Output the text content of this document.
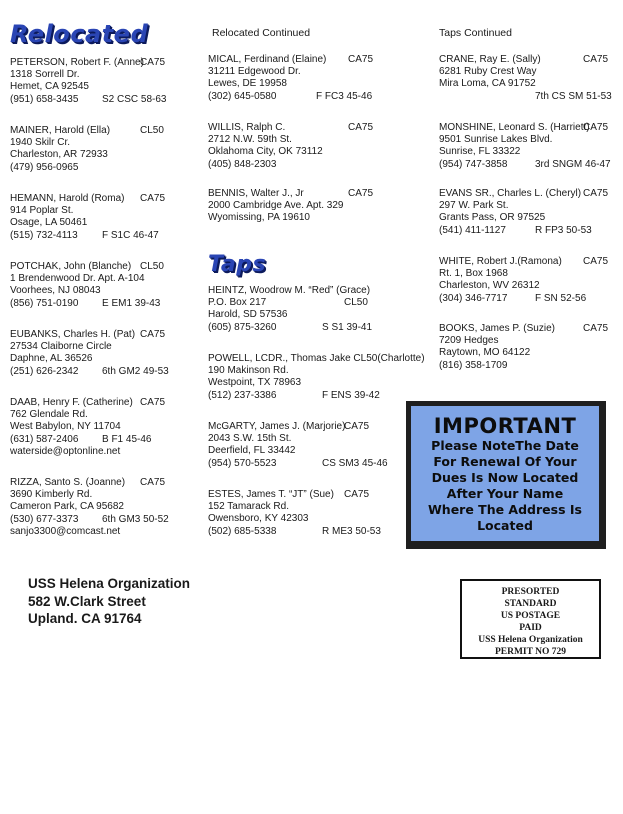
Relocated
PETERSON, Robert F. (Anne)
CA75
1318 Sorrell Dr.
Hemet, CA 92545
(951) 658-3435 S2 CSC 58-63
MAINER, Harold (Ella)	CL50
1940 Skilr Cr.
Charleston, AR 72933
(479) 956-0965
HEMANN, Harold (Roma) CA75
914 Poplar St.
Osage, LA 50461
(515) 732-4113 F S1C 46-47
POTCHAK, John (Blanche) CL50
1 Brendenwood Dr. Apt. A-104
Voorhees, NJ 08043
(856) 751-0190 E EM1 39-43
EUBANKS, Charles H. (Pat) CA75
27534 Claiborne Circle
Daphne, AL 36526
(251) 626-2342 6th GM2 49-53
DAAB, Henry F. (Catherine) CA75
762 Glendale Rd.
West Babylon, NY 11704
(631) 587-2406 B F1 45-46
waterside@optonline.net
RIZZA, Santo S. (Joanne) CA75
3690 Kimberly Rd.
Cameron Park, CA 95682
(530) 677-3373 6th GM3 50-52
sanjo3300@comcast.net
Relocated Continued
Taps
MICAL, Ferdinand (Elaine) CA75
31211 Edgewood Dr.
Lewes, DE 19958
(302) 645-0580	F FC3 45-46
WILLIS, Ralph C.	CA75
2712 N.W. 59th St.
Oklahoma City, OK 73112
(405) 848-2303
BENNIS, Walter J., Jr	CA75
2000 Cambridge Ave. Apt. 329
Wyomissing, PA 19610
HEINTZ, Woodrow M. “Red” (Grace)
P.O. Box 217	CL50
Harold, SD 57536
(605) 875-3260	S S1 39-41
POWELL, LCDR., Thomas Jake CL50(Charlotte)
190 Makinson Rd.
Westpoint, TX 78963
(512) 237-3386	F ENS 39-42
McGARTY, James J. (Marjorie)
CA75
2043 S.W. 15th St.
Deerfield, FL 33442
(954) 570-5523	CS SM3 45-46
ESTES, James T. “JT” (Sue) CA75
152 Tamarack Rd.
Owensboro, KY 42303
(502) 685-5338	R ME3 50-53
Taps Continued
CRANE, Ray E. (Sally)	CA75
6281 Ruby Crest Way
Mira Loma, CA 91752
7th CS SM 51-53
MONSHINE, Leonard S. (Harriett)
CA75
9501 Sunrise Lakes Blvd.
Sunrise, FL 33322
(954) 747-3858	3rd SNGM 46-47
EVANS SR., Charles L. (Cheryl) CA75
297 W. Park St.
Grants Pass, OR 97525
(541) 411-1127	R FP3 50-53
WHITE, Robert J.(Ramona) CA75
Rt. 1, Box 1968
Charleston, WV 26312
(304) 346-7717	F SN 52-56
BOOKS, James P. (Suzie)	CA75
7209 Hedges
Raytown, MO 64122
(816) 358-1709
USS Helena Organization
582 W.Clark Street
Upland. CA 91764
IMPORTANT
Please NoteThe Date
For Renewal Of Your
Dues Is Now Located
After Your Name
Where The Address Is
Located
PRESORTED
STANDARD
US POSTAGE
PAID
USS Helena Organization
PERMIT NO 729
